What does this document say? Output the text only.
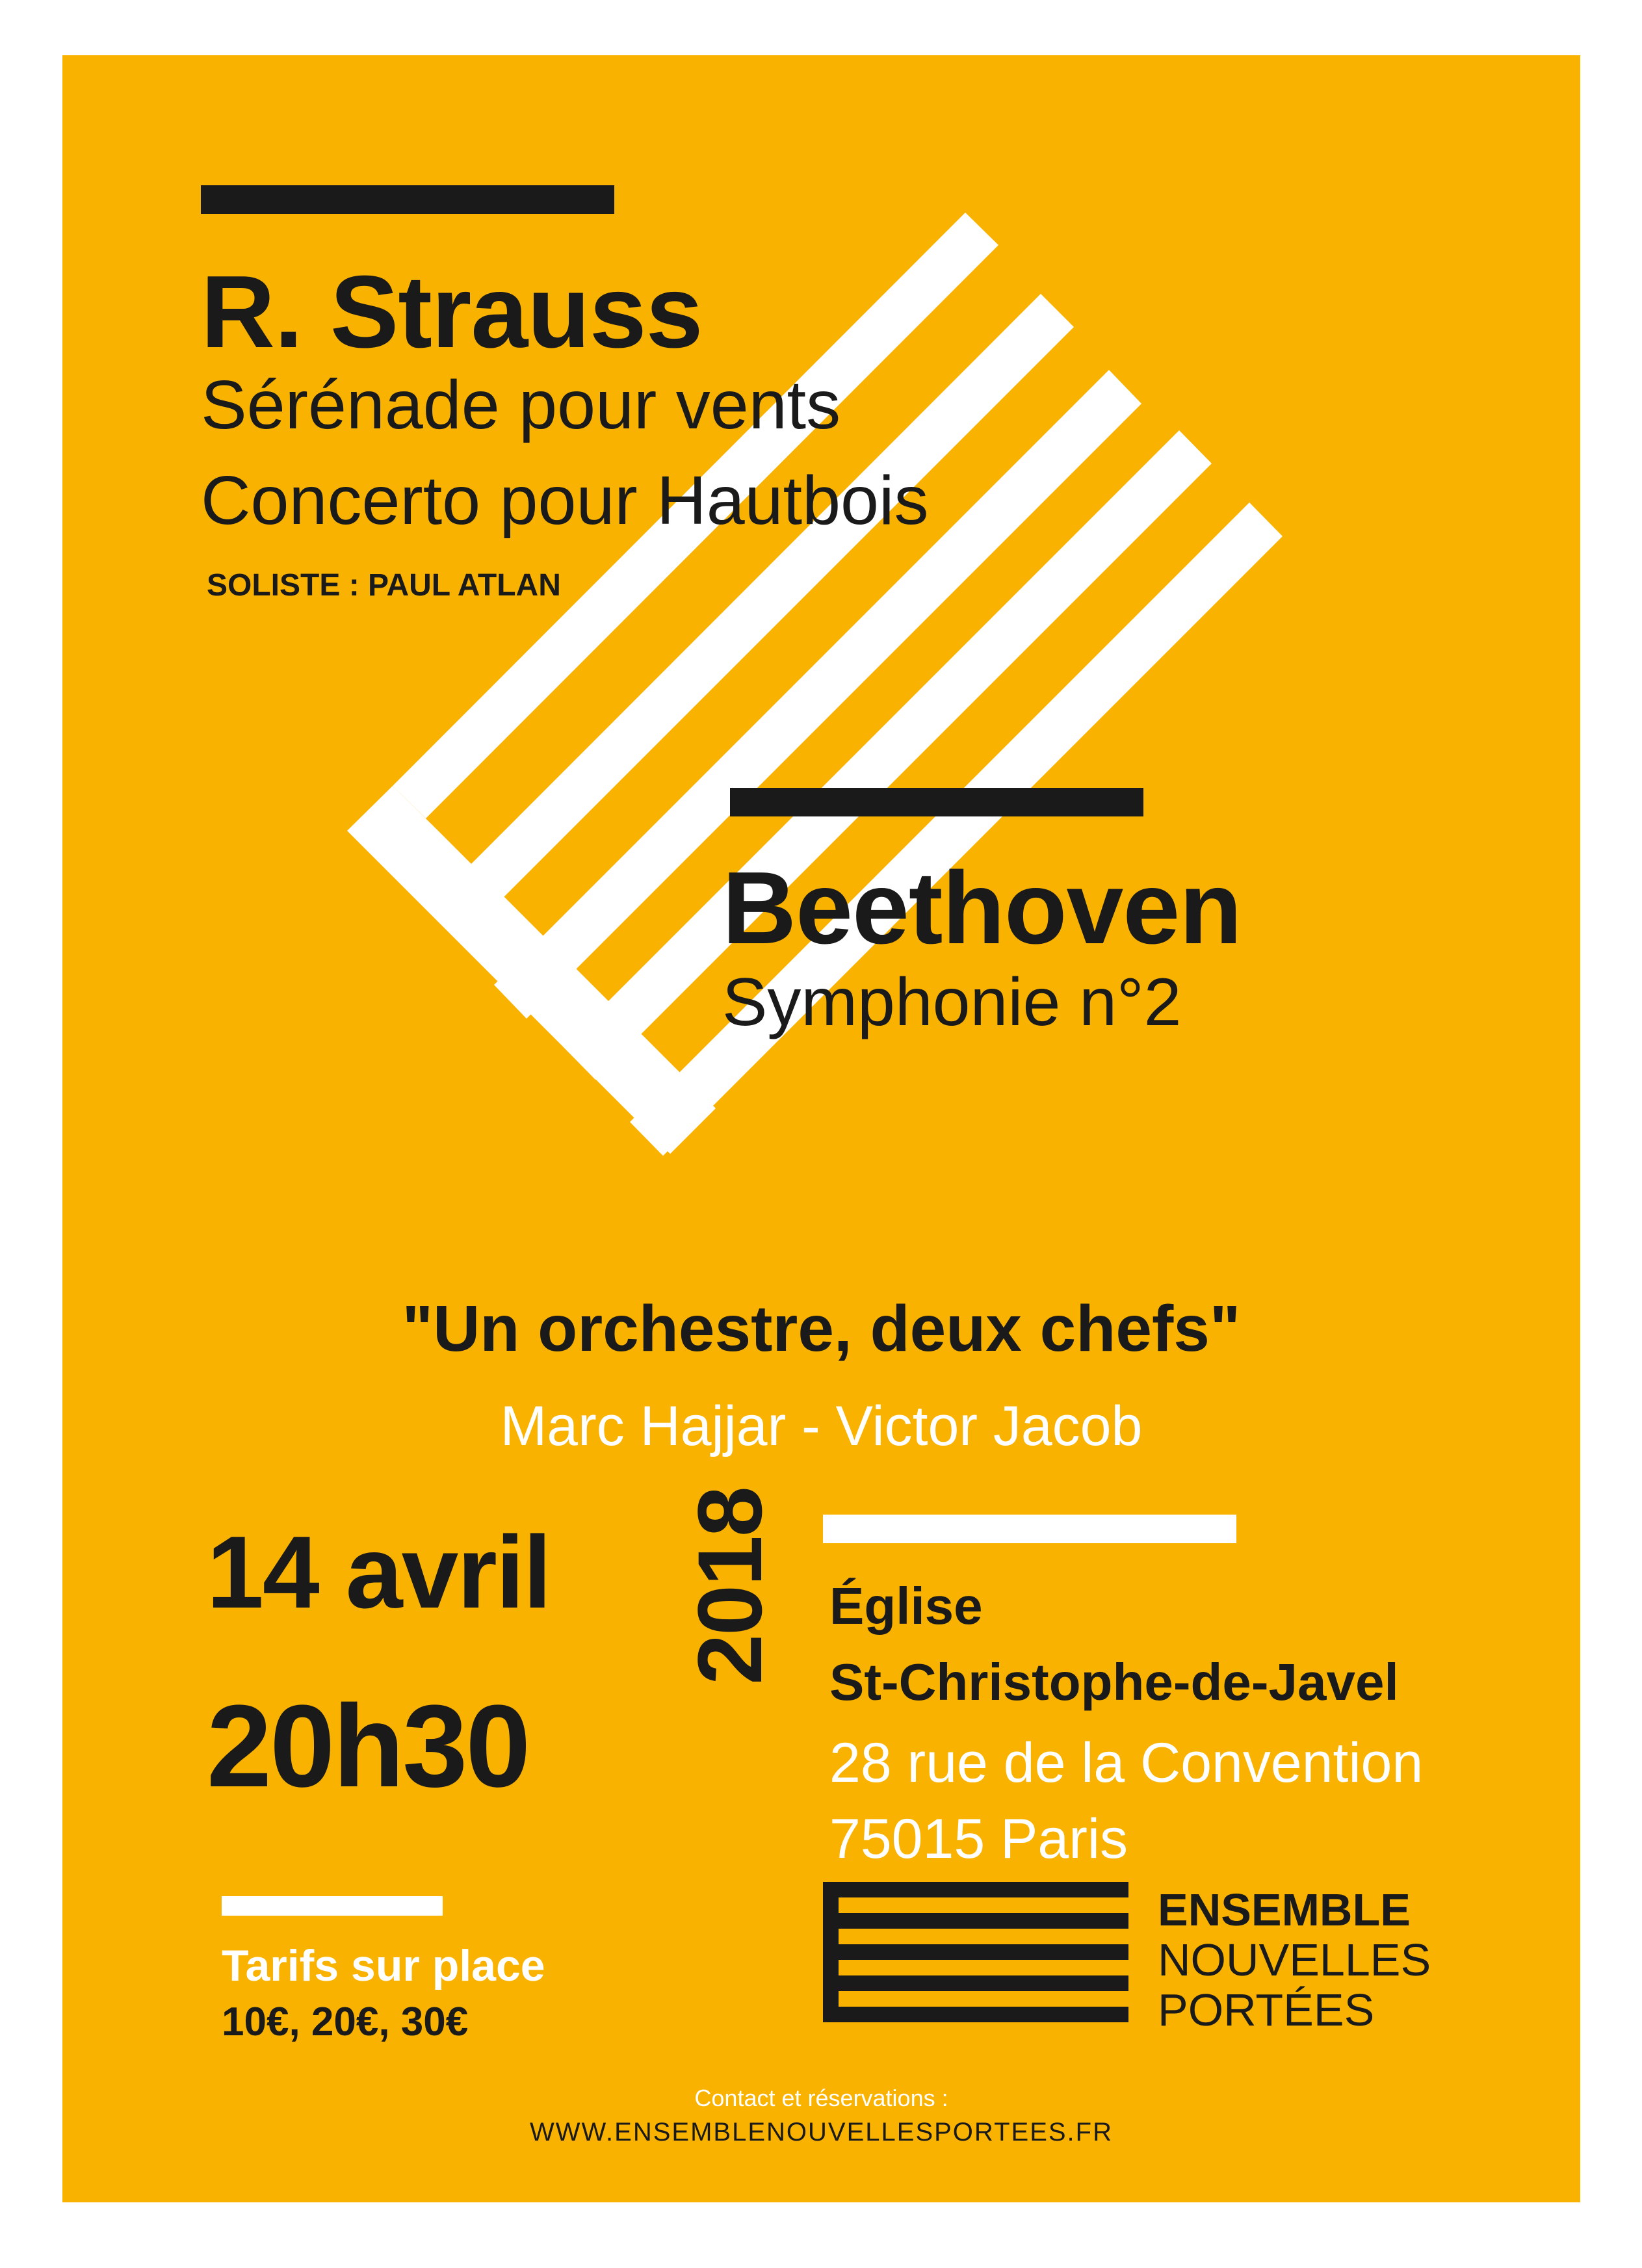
R. Strauss
Sérénade pour vents
Concerto pour Hautbois
SOLISTE : PAUL ATLAN
Beethoven
Symphonie n°2
"Un orchestre, deux chefs"
Marc Hajjar - Victor Jacob
14 avril
20h30
2018 Église
St-Christophe-de-Javel
28 rue de la Convention
75015 Paris
Tarifs sur place
10€, 20€, 30€
ENSEMBLE
NOUVELLES
PORTÉES
Contact et réservations :
WWW.ENSEMBLENOUVELLESPORTEES.FR
